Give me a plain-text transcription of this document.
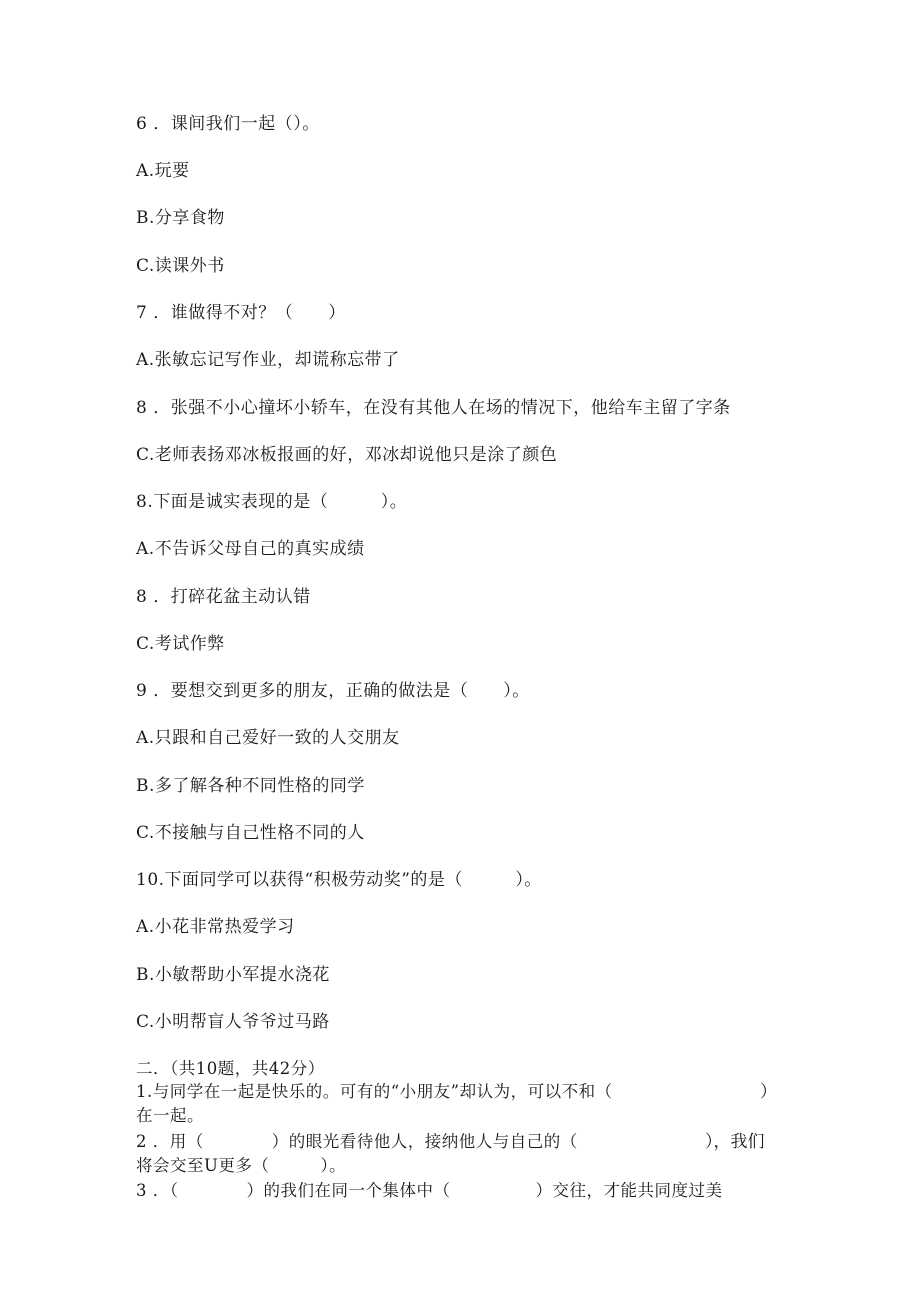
6 ．课间我们一起（）。
A.玩要
B.分享食物
C.读课外书
7 ．谁做得不对？（　　）
A.张敏忘记写作业，却谎称忘带了
8 ．张强不小心撞坏小轿车，在没有其他人在场的情况下，他给车主留了字条
C.老师表扬邓冰板报画的好，邓冰却说他只是涂了颜色
8.下面是诚实表现的是（　　　）。
A.不告诉父母自己的真实成绩
8 ．打碎花盆主动认错
C.考试作弊
9 ．要想交到更多的朋友，正确的做法是（　　）。
A.只跟和自己爱好一致的人交朋友
B.多了解各种不同性格的同学
C.不接触与自己性格不同的人
10.下面同学可以获得“积极劳动奖”的是（　　　）。
A.小花非常热爱学习
B.小敏帮助小军提水浇花
C.小明帮盲人爷爷过马路
二．（共10题，共42分）
1.与同学在一起是快乐的。可有的“小朋友”却认为，可以不和（	）
在一起。
2 ．用（　　　　）的眼光看待他人，接纳他人与自己的（	），我们
将会交至U更多（　　　）。
3 ．（　　　　）的我们在同一个集体中（　　　　　）交往，才能共同度过美
